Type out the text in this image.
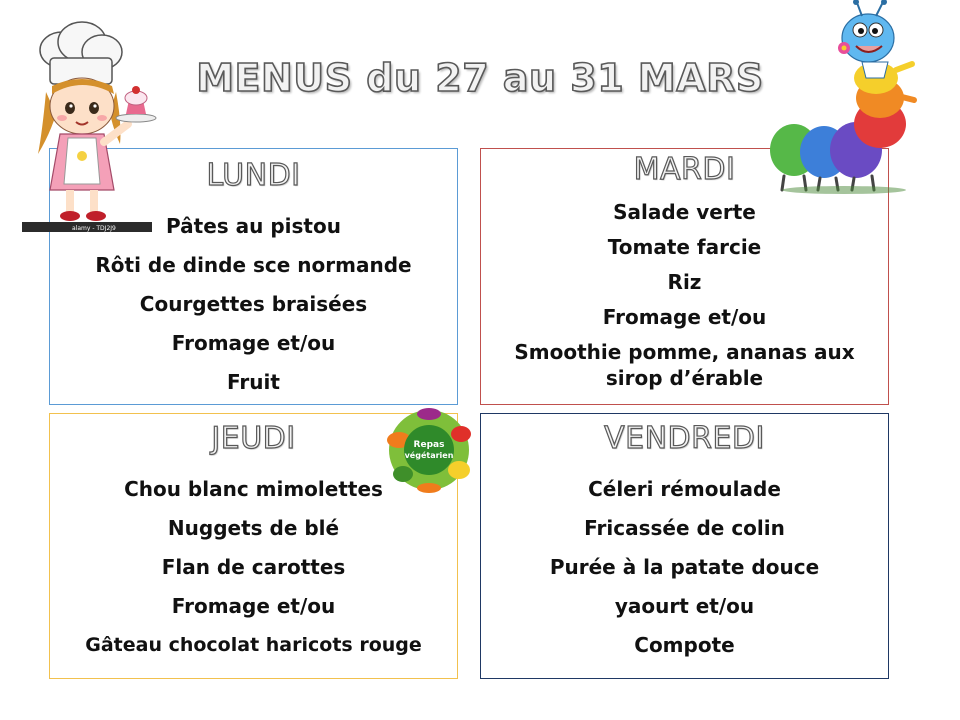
MENUS du 27 au 31 MARS
LUNDI
Pâtes au pistou
Rôti de dinde sce normande
Courgettes braisées
Fromage et/ou
Fruit
MARDI
Salade verte
Tomate farcie
Riz
Fromage et/ou
Smoothie pomme, ananas aux sirop d’érable
JEUDI
Chou blanc mimolettes
Nuggets de blé
Flan de carottes
Fromage et/ou
Gâteau chocolat haricots rouge
VENDREDI
Céleri rémoulade
Fricassée de colin
Purée à la patate douce
yaourt et/ou
Compote
alamy - TDJ2J9
Repas
végétarien
